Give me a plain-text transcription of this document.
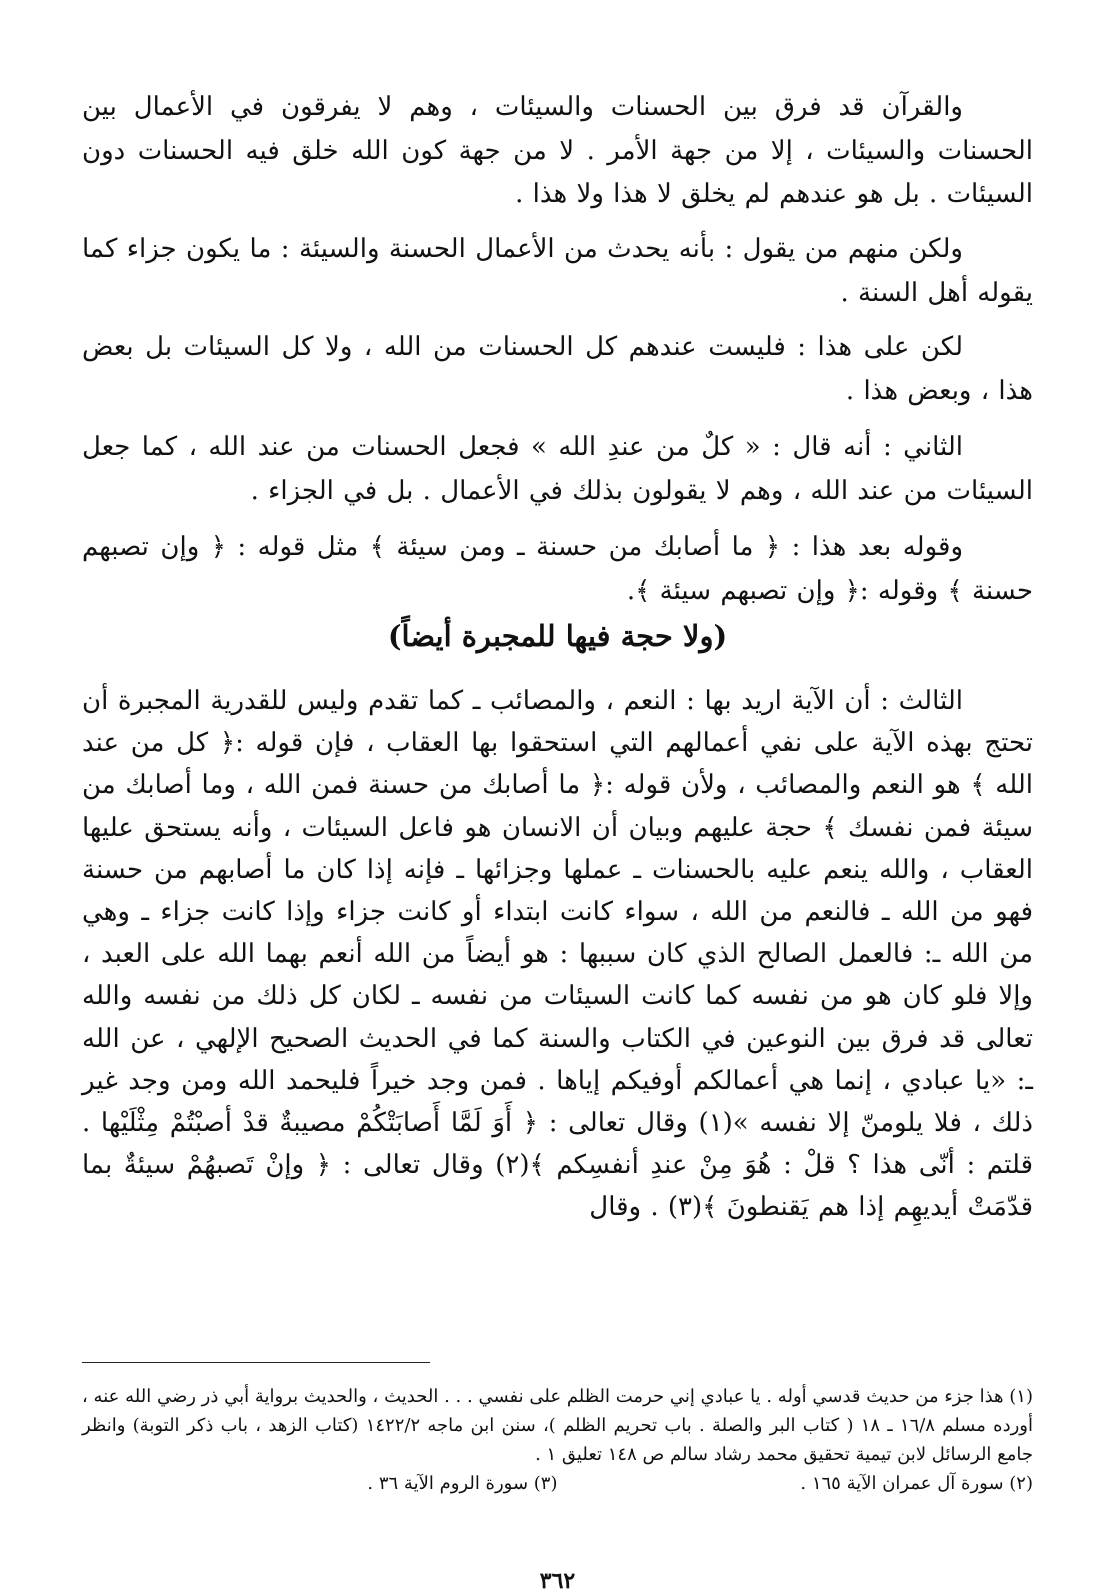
والقرآن قد فرق بين الحسنات والسيئات ، وهم لا يفرقون في الأعمال بين الحسنات والسيئات ، إلا من جهة الأمر . لا من جهة كون الله خلق فيه الحسنات دون السيئات . بل هو عندهم لم يخلق لا هذا ولا هذا .

ولكن منهم من يقول : بأنه يحدث من الأعمال الحسنة والسيئة : ما يكون جزاء كما يقوله أهل السنة .

لكن على هذا : فليست عندهم كل الحسنات من الله ، ولا كل السيئات بل بعض هذا ، وبعض هذا .

الثاني : أنه قال : « كلٌ من عندِ الله » فجعل الحسنات من عند الله ، كما جعل السيئات من عند الله ، وهم لا يقولون بذلك في الأعمال . بل في الجزاء .

وقوله بعد هذا : ﴿ ما أصابك من حسنة ـ ومن سيئة ﴾ مثل قوله : ﴿ وإن تصبهم حسنة ﴾ وقوله :﴿ وإن تصبهم سيئة ﴾.

(ولا حجة فيها للمجبرة أيضاً)

الثالث : أن الآية اريد بها : النعم ، والمصائب ـ كما تقدم وليس للقدرية المجبرة أن تحتج بهذه الآية على نفي أعمالهم التي استحقوا بها العقاب ، فإن قوله :﴿ كل من عند الله ﴾ هو النعم والمصائب ، ولأن قوله :﴿ ما أصابك من حسنة فمن الله ، وما أصابك من سيئة فمن نفسك ﴾ حجة عليهم وبيان أن الانسان هو فاعل السيئات ، وأنه يستحق عليها العقاب ، والله ينعم عليه بالحسنات ـ عملها وجزائها ـ فإنه إذا كان ما أصابهم من حسنة فهو من الله ـ فالنعم من الله ، سواء كانت ابتداء أو كانت جزاء وإذا كانت جزاء ـ وهي من الله ـ: فالعمل الصالح الذي كان سببها : هو أيضاً من الله أنعم بهما الله على العبد ، وإلا فلو كان هو من نفسه كما كانت السيئات من نفسه ـ لكان كل ذلك من نفسه والله تعالى قد فرق بين النوعين في الكتاب والسنة كما في الحديث الصحيح الإلهي ، عن الله ـ: «يا عبادي ، إنما هي أعمالكم أوفيكم إياها . فمن وجد خيراً فليحمد الله ومن وجد غير ذلك ، فلا يلومنّ إلا نفسه »(١) وقال تعالى : ﴿ أَوَ لَمَّا أَصابَتْكُمْ مصيبةٌ قدْ أصبْتُمْ مِثْلَيْها . قلتم : أنّى هذا ؟ قلْ : هُوَ مِنْ عندِ أنفسِكم ﴾(٢) وقال تعالى : ﴿ وإنْ تَصبهُمْ سيئةٌ بما قدّمَتْ أيديهِم إذا هم يَقنطونَ ﴾(٣) . وقال

(١) هذا جزء من حديث قدسي أوله . يا عبادي إني حرمت الظلم على نفسي . . . الحديث ، والحديث برواية أبي ذر رضي الله عنه ، أورده مسلم ١٦/٨ ـ ١٨ ( كتاب البر والصلة . باب تحريم الظلم )، سنن ابن ماجه ١٤٢٢/٢ (كتاب الزهد ، باب ذكر التوبة) وانظر جامع الرسائل لابن تيمية تحقيق محمد رشاد سالم ص ١٤٨ تعليق ١ .

(٢) سورة آل عمران الآية ١٦٥ .
(٣) سورة الروم الآية ٣٦ .
٣٦٢
